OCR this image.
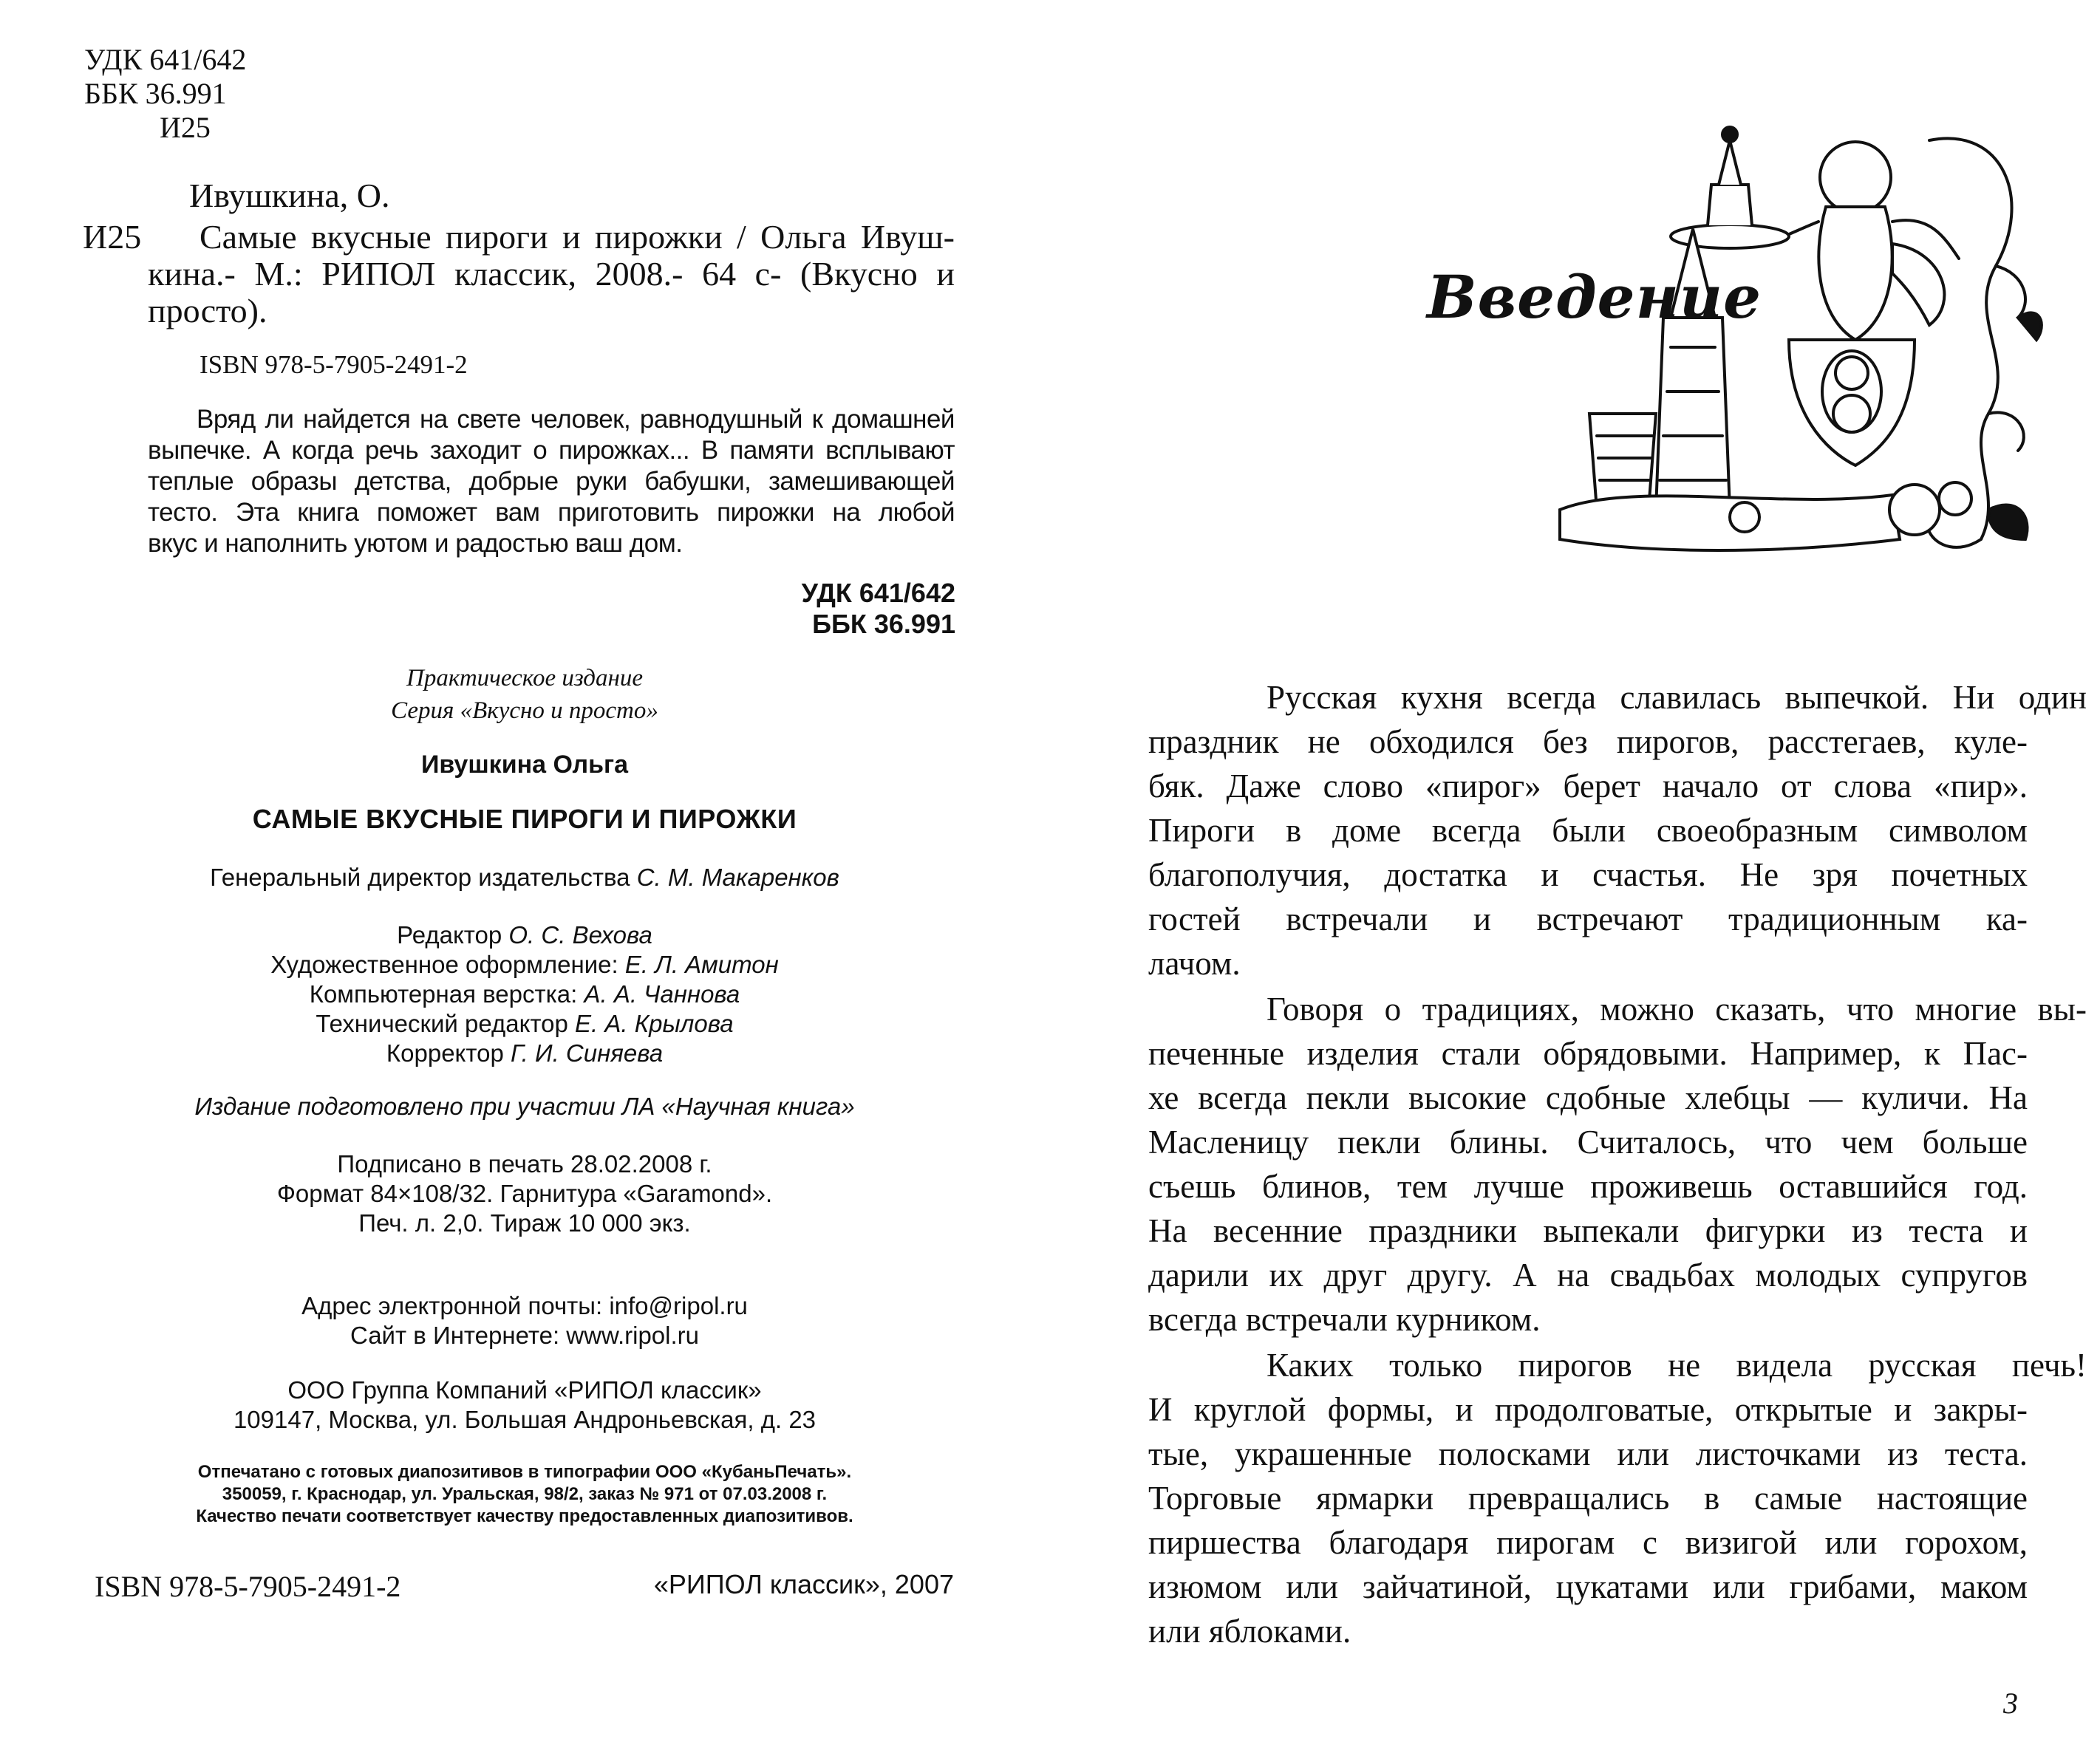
УДК 641/642
ББК 36.991
И25
Ивушкина, О.
И25 Самые вкусные пироги и пирожки / Ольга Ивуш-
кина.- М.: РИПОЛ классик, 2008.- 64 с- (Вкусно и
просто).
ISBN 978-5-7905-2491-2
Вряд ли найдется на свете человек, равнодушный к домашней
выпечке. А когда речь заходит о пирожках... В памяти всплывают
теплые образы детства, добрые руки бабушки, замешивающей
тесто. Эта книга поможет вам приготовить пирожки на любой
вкус и наполнить уютом и радостью ваш дом.
УДК 641/642
ББК 36.991
Практическое издание
Серия «Вкусно и просто»
Ивушкина Ольга
САМЫЕ ВКУСНЫЕ ПИРОГИ И ПИРОЖКИ
Генеральный директор издательства С. М. Макаренков
Редактор О. С. Вехова
Художественное оформление: Е. Л. Амитон
Компьютерная верстка: А. А. Чаннова
Технический редактор Е. А. Крылова
Корректор Г. И. Синяева
Издание подготовлено при участии ЛА «Научная книга»
Подписано в печать 28.02.2008 г.
Формат 84×108/32. Гарнитура «Garamond».
Печ. л. 2,0. Тираж 10 000 экз.
Адрес электронной почты: info@ripol.ru
Сайт в Интернете: www.ripol.ru
ООО Группа Компаний «РИПОЛ классик»
109147, Москва, ул. Большая Андроньевская, д. 23
Отпечатано с готовых диапозитивов в типографии ООО «КубаньПечать».
350059, г. Краснодар, ул. Уральская, 98/2, заказ № 971 от 07.03.2008 г.
Качество печати соответствует качеству предоставленных диапозитивов.
ISBN 978-5-7905-2491-2	«РИПОЛ классик», 2007
Введение
Русская кухня всегда славилась выпечкой. Ни один
праздник не обходился без пирогов, расстегаев, куле-
бяк. Даже слово «пирог» берет начало от слова «пир».
Пироги в доме всегда были своеобразным символом
благополучия, достатка и счастья. Не зря почетных
гостей встречали и встречают традиционным ка-
лачом.
Говоря о традициях, можно сказать, что многие вы-
печенные изделия стали обрядовыми. Например, к Пас-
хе всегда пекли высокие сдобные хлебцы — куличи. На
Масленицу пекли блины. Считалось, что чем больше
съешь блинов, тем лучше проживешь оставшийся год.
На весенние праздники выпекали фигурки из теста и
дарили их друг другу. А на свадьбах молодых супругов
всегда встречали курником.
Каких только пирогов не видела русская печь!
И круглой формы, и продолговатые, открытые и закры-
тые, украшенные полосками или листочками из теста.
Торговые ярмарки превращались в самые настоящие
пиршества благодаря пирогам с визигой или горохом,
изюмом или зайчатиной, цукатами или грибами, маком
или яблоками.
3
